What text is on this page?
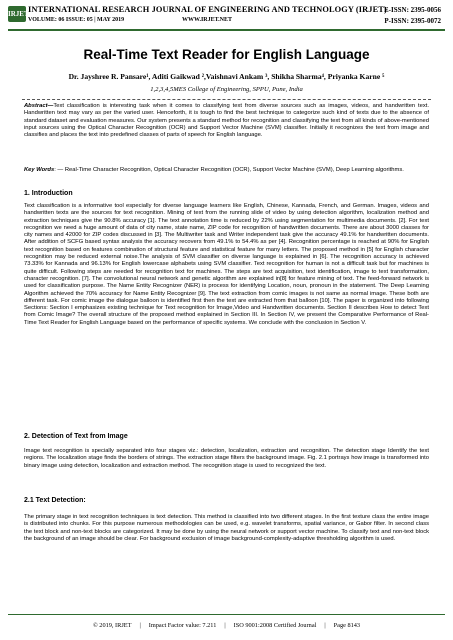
IRJET INTERNATIONAL RESEARCH JOURNAL OF ENGINEERING AND TECHNOLOGY (IRJET)
VOLUME: 06 ISSUE: 05 | MAY 2019	WWW.IRJET.NET
E-ISSN: 2395-0056
P-ISSN: 2395-0072
Real-Time Text Reader for English Language
Dr. Jayshree R. Pansare¹, Aditi Gaikwad ²,Vaishnavi Ankam ³, Shikha Sharma⁴, Priyanka Karne ⁵
1,2,3,4,5MES College of Engineering, SPPU, Pune, India
Abstract—Text classification is interesting task when it comes to classifying text from diverse sources such as images, videos, and handwritten text. Handwritten text may vary as per the varied user. Henceforth, it is tough to find the best technique to categorize such kind of texts due to the absence of standard dataset and evaluation measures. Our system presents a standard method for recognition and classifying the text from all kinds of above-mentioned input sources using the Optical Character Recognition (OCR) and Support Vector Machine (SVM) classifier. Initially it recognizes the text from image and classifies and places the text into predefined classes of parts of speech for English language.
Key Words: — Real-Time Character Recognition, Optical Character Recognition (OCR), Support Vector Machine (SVM), Deep Learning algorithms.
1. Introduction
Text classification is a informative tool especially for diverse language learners like English, Chinese, Kannada, French, and German. Images, videos and handwritten texts are the sources for text recognition. Mining of text from the running slide of video by using detection algorithm, localization method and extraction techniques give the 90.8% accuracy [1]. The text annotation time is reduced by 22% using segmentation for multimedia documents. [2]. For text recognition we need a huge amount of data of city name, state name, ZIP code for recognition of handwritten documents. There are about 3000 classes for city names and 42000 for ZIP codes discussed in [3]. The Multiwriter task and Writer independent task give the accuracy 49.1% for handwritten documents. After addition of SCFG based syntax analysis the accuracy recovers from 49.1% to 54.4% as per [4]. Recognition percentage is reached at 90% for English text recognition based on features combination of structural feature and statistical feature for many letters. The proposed method in [5] for English character recognition may be reduced external noise.The analysis of SVM classifier on diverse language is explained in [6]. The recognition accuracy is achieved 73.33% for Kannada and 96.13% for English lowercase alphabets using SVM classifier. Text recognition for human is not a difficult task but for machines is quite difficult. Following steps are needed for recognition text for machines. The steps are text acquisition, text identification, image to text transformation, character recognition. [7]. The convolutional neural network and genetic algorithm are explained in[8] for feature mining of text. The feed-forward network is used for classification purpose. The Name Entity Recognizer (NER) is process for identifying Location, noun, pronoun in the statement. The Deep Learning Algorithm achieved the 70% accuracy for Name Entity Recognizer [9]. The text extraction from comic images is not same as normal image. These both are different task. For comic image the dialogue balloon is identified first then the text are extracted from that balloon [10]. The paper is organized into following Sections: Section I emphasizes existing technique for Text recognition for Image,Video and Handwritten documents. Section II describes How to detect Text from Comic Image? The overall structure of the proposed method explained in Section III. In Section IV, we present the Comparative Performance of Real-Time Text Reader for English Language based on the performance of specific systems. We conclude with the conclusion in Section V.
2. Detection of Text from Image
Image text recognition is specially separated into four stages viz.: detection, localization, extraction and recognition. The detection stage Identify the text regions. The localization stage finds the borders of strings. The extraction stage filters the background image. Fig. 2.1 portrays how image is transformed into binary image using detection, localization and extraction method. The recognition stage is used to recognized the text.
2.1 Text Detection:
The primary stage in text recognition techniques is text detection. This method is classified into two different stages. In the first texture class the entire image is distributed into chunks. For this purpose numerous methodologies can be used, e.g. wavelet transforms, spatial variance, or Gabor filter. In second class the text block and non-text blocks are categorized. It may be done by using the neural network or support vector machine. To classify text and non-text block the background of an image should be clear. For background exclusion of image background-complexity-adaptive thresholding algorithm is used.
© 2019, IRJET | Impact Factor value: 7.211 | ISO 9001:2008 Certified Journal | Page 8143
